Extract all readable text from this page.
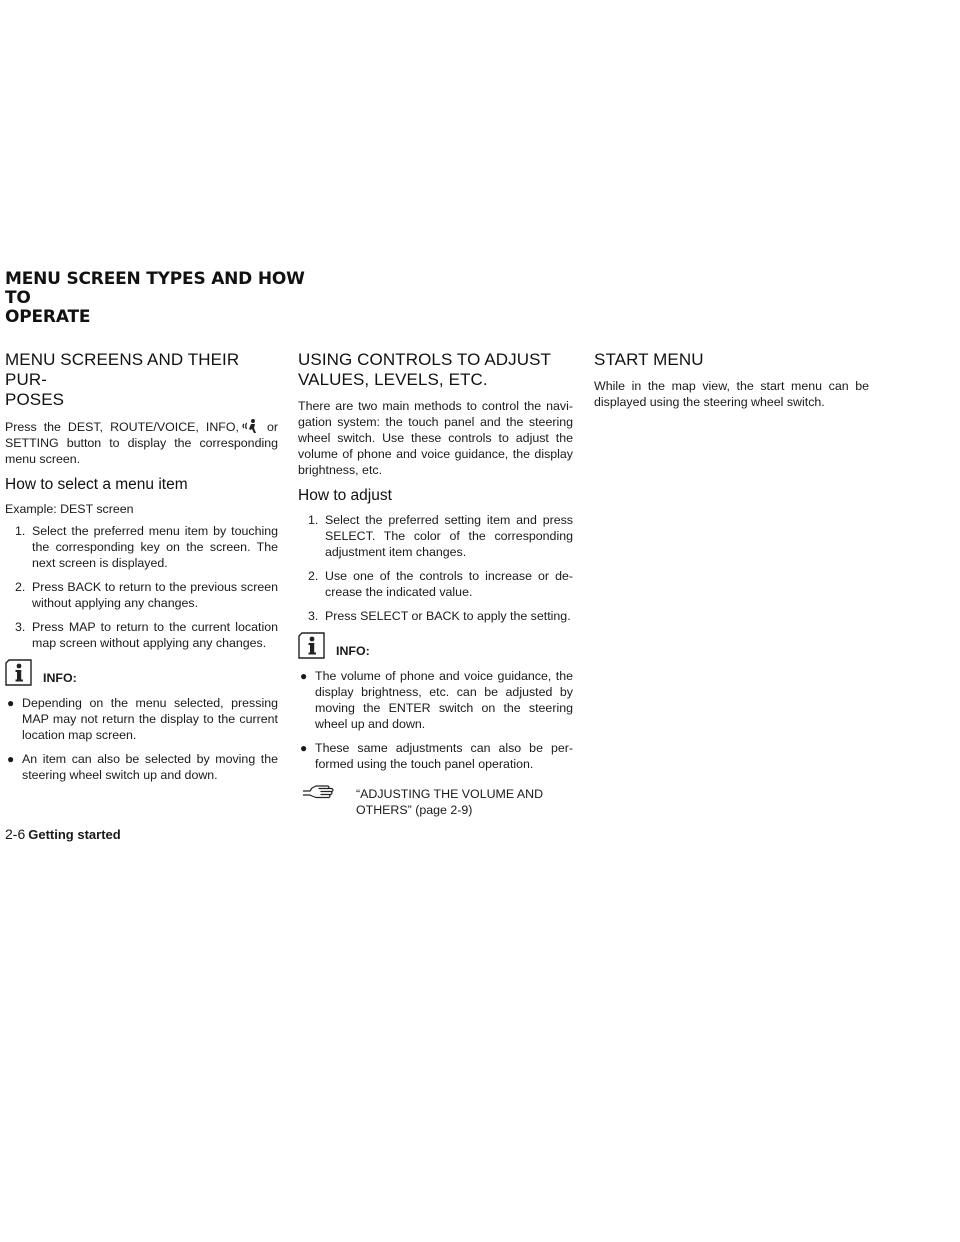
MENU SCREEN TYPES AND HOW TO
OPERATE
MENU SCREENS AND THEIR PUR-
POSES

Press the DEST, ROUTE/VOICE, INFO, or SETTING button to display the corresponding menu screen.

How to select a menu item

Example: DEST screen

1. Select the preferred menu item by touching the corresponding key on the screen. The next screen is displayed.
2. Press BACK to return to the previous screen without applying any changes.
3. Press MAP to return to the current location map screen without applying any changes.
INFO:
● Depending on the menu selected, pressing MAP may not return the display to the current location map screen.
● An item can also be selected by moving the steering wheel switch up and down.
USING CONTROLS TO ADJUST
VALUES, LEVELS, ETC.

There are two main methods to control the navi-gation system: the touch panel and the steering wheel switch. Use these controls to adjust the volume of phone and voice guidance, the display brightness, etc.

How to adjust
1. Select the preferred setting item and press SELECT. The color of the corresponding adjustment item changes.
2. Use one of the controls to increase or de-crease the indicated value.
3. Press SELECT or BACK to apply the setting.
INFO:
● The volume of phone and voice guidance, the display brightness, etc. can be adjusted by moving the ENTER switch on the steering wheel up and down.
● These same adjustments can also be per-formed using the touch panel operation.
“ADJUSTING THE VOLUME AND
OTHERS” (page 2-9)
START MENU

While in the map view, the start menu can be displayed using the steering wheel switch.

2-6 Getting started
